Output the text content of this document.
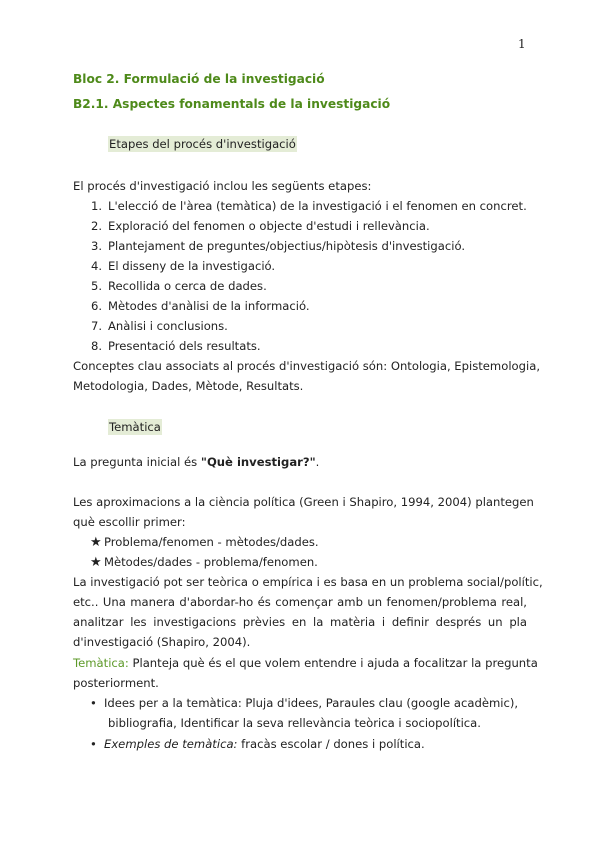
1
Bloc 2. Formulació de la investigació
B2.1. Aspectes fonamentals de la investigació
Etapes del procés d'investigació
El procés d'investigació inclou les següents etapes:
1. L'elecció de l'àrea (temàtica) de la investigació i el fenomen en concret.
2. Exploració del fenomen o objecte d'estudi i rellevància.
3. Plantejament de preguntes/objectius/hipòtesis d'investigació.
4. El disseny de la investigació.
5. Recollida o cerca de dades.
6. Mètodes d'anàlisi de la informació.
7. Anàlisi i conclusions.
8. Presentació dels resultats.
Conceptes clau associats al procés d'investigació són: Ontologia, Epistemologia,
Metodologia, Dades, Mètode, Resultats.
Temàtica
La pregunta inicial és "Què investigar?".
Les aproximacions a la ciència política (Green i Shapiro, 1994, 2004) plantegen
què escollir primer:
★ Problema/fenomen - mètodes/dades.
★ Mètodes/dades - problema/fenomen.
La investigació pot ser teòrica o empírica i es basa en un problema social/polític,
etc.. Una manera d'abordar-ho és començar amb un fenomen/problema real,
analitzar les investigacions prèvies en la matèria i definir després un pla
d'investigació (Shapiro, 2004).
Temàtica: Planteja què és el que volem entendre i ajuda a focalitzar la pregunta
posteriorment.
• Idees per a la temàtica: Pluja d'idees, Paraules clau (google acadèmic),
bibliografia, Identificar la seva rellevància teòrica i sociopolítica.
• Exemples de temàtica: fracàs escolar / dones i política.
